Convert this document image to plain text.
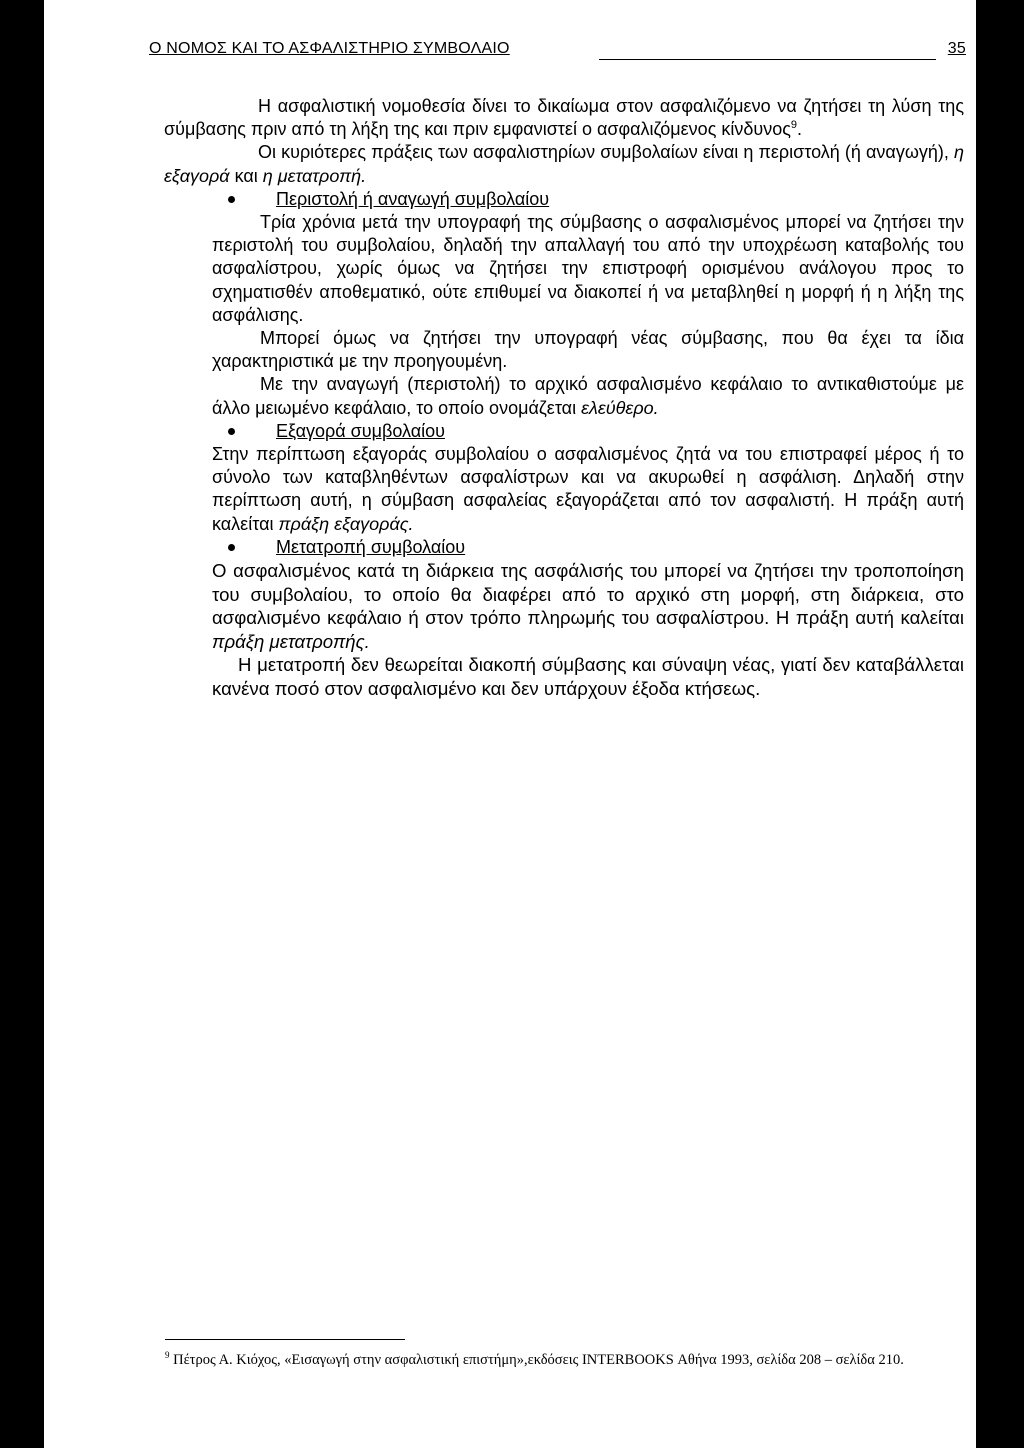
Ο ΝΟΜΟΣ ΚΑΙ ΤΟ ΑΣΦΑΛΙΣΤΗΡΙΟ ΣΥΜΒΟΛΑΙΟ	35

Η ασφαλιστική νομοθεσία δίνει το δικαίωμα στον ασφαλιζόμενο να ζητήσει τη λύση της σύμβασης πριν από τη λήξη της και πριν εμφανιστεί ο ασφαλιζόμενος κίνδυνος$^9$.

Οι κυριότερες πράξεις των ασφαλιστηρίων συμβολαίων είναι η περιστολή (ή αναγωγή), η εξαγορά και η μετατροπή.

Περιστολή ή αναγωγή συμβολαίου

Τρία χρόνια μετά την υπογραφή της σύμβασης ο ασφαλισμένος μπορεί να ζητήσει την περιστολή του συμβολαίου, δηλαδή την απαλλαγή του από την υποχρέωση καταβολής του ασφαλίστρου, χωρίς όμως να ζητήσει την επιστροφή ορισμένου ανάλογου προς το σχηματισθέν αποθεματικό, ούτε επιθυμεί να διακοπεί ή να μεταβληθεί η μορφή ή η λήξη της ασφάλισης.

Μπορεί όμως να ζητήσει την υπογραφή νέας σύμβασης, που θα έχει τα ίδια χαρακτηριστικά με την προηγουμένη.

Με την αναγωγή (περιστολή) το αρχικό ασφαλισμένο κεφάλαιο το αντικαθιστούμε με άλλο μειωμένο κεφάλαιο, το οποίο ονομάζεται ελεύθερο.

Εξαγορά συμβολαίου

Στην περίπτωση εξαγοράς συμβολαίου ο ασφαλισμένος ζητά να του επιστραφεί μέρος ή το σύνολο των καταβληθέντων ασφαλίστρων και να ακυρωθεί η ασφάλιση. Δηλαδή στην περίπτωση αυτή, η σύμβαση ασφαλείας εξαγοράζεται από τον ασφαλιστή. Η πράξη αυτή καλείται πράξη εξαγοράς.

Μετατροπή συμβολαίου

Ο ασφαλισμένος κατά τη διάρκεια της ασφάλισής του μπορεί να ζητήσει την τροποποίηση του συμβολαίου, το οποίο θα διαφέρει από το αρχικό στη μορφή, στη διάρκεια, στο ασφαλισμένο κεφάλαιο ή στον τρόπο πληρωμής του ασφαλίστρου. Η πράξη αυτή καλείται πράξη μετατροπής.

Η μετατροπή δεν θεωρείται διακοπή σύμβασης και σύναψη νέας, γιατί δεν καταβάλλεται κανένα ποσό στον ασφαλισμένο και δεν υπάρχουν έξοδα κτήσεως.

$^9$ Πέτρος Α. Κιόχος, «Εισαγωγή στην ασφαλιστική επιστήμη»,εκδόσεις INTERBOOKS Αθήνα 1993, σελίδα 208 – σελίδα 210.
